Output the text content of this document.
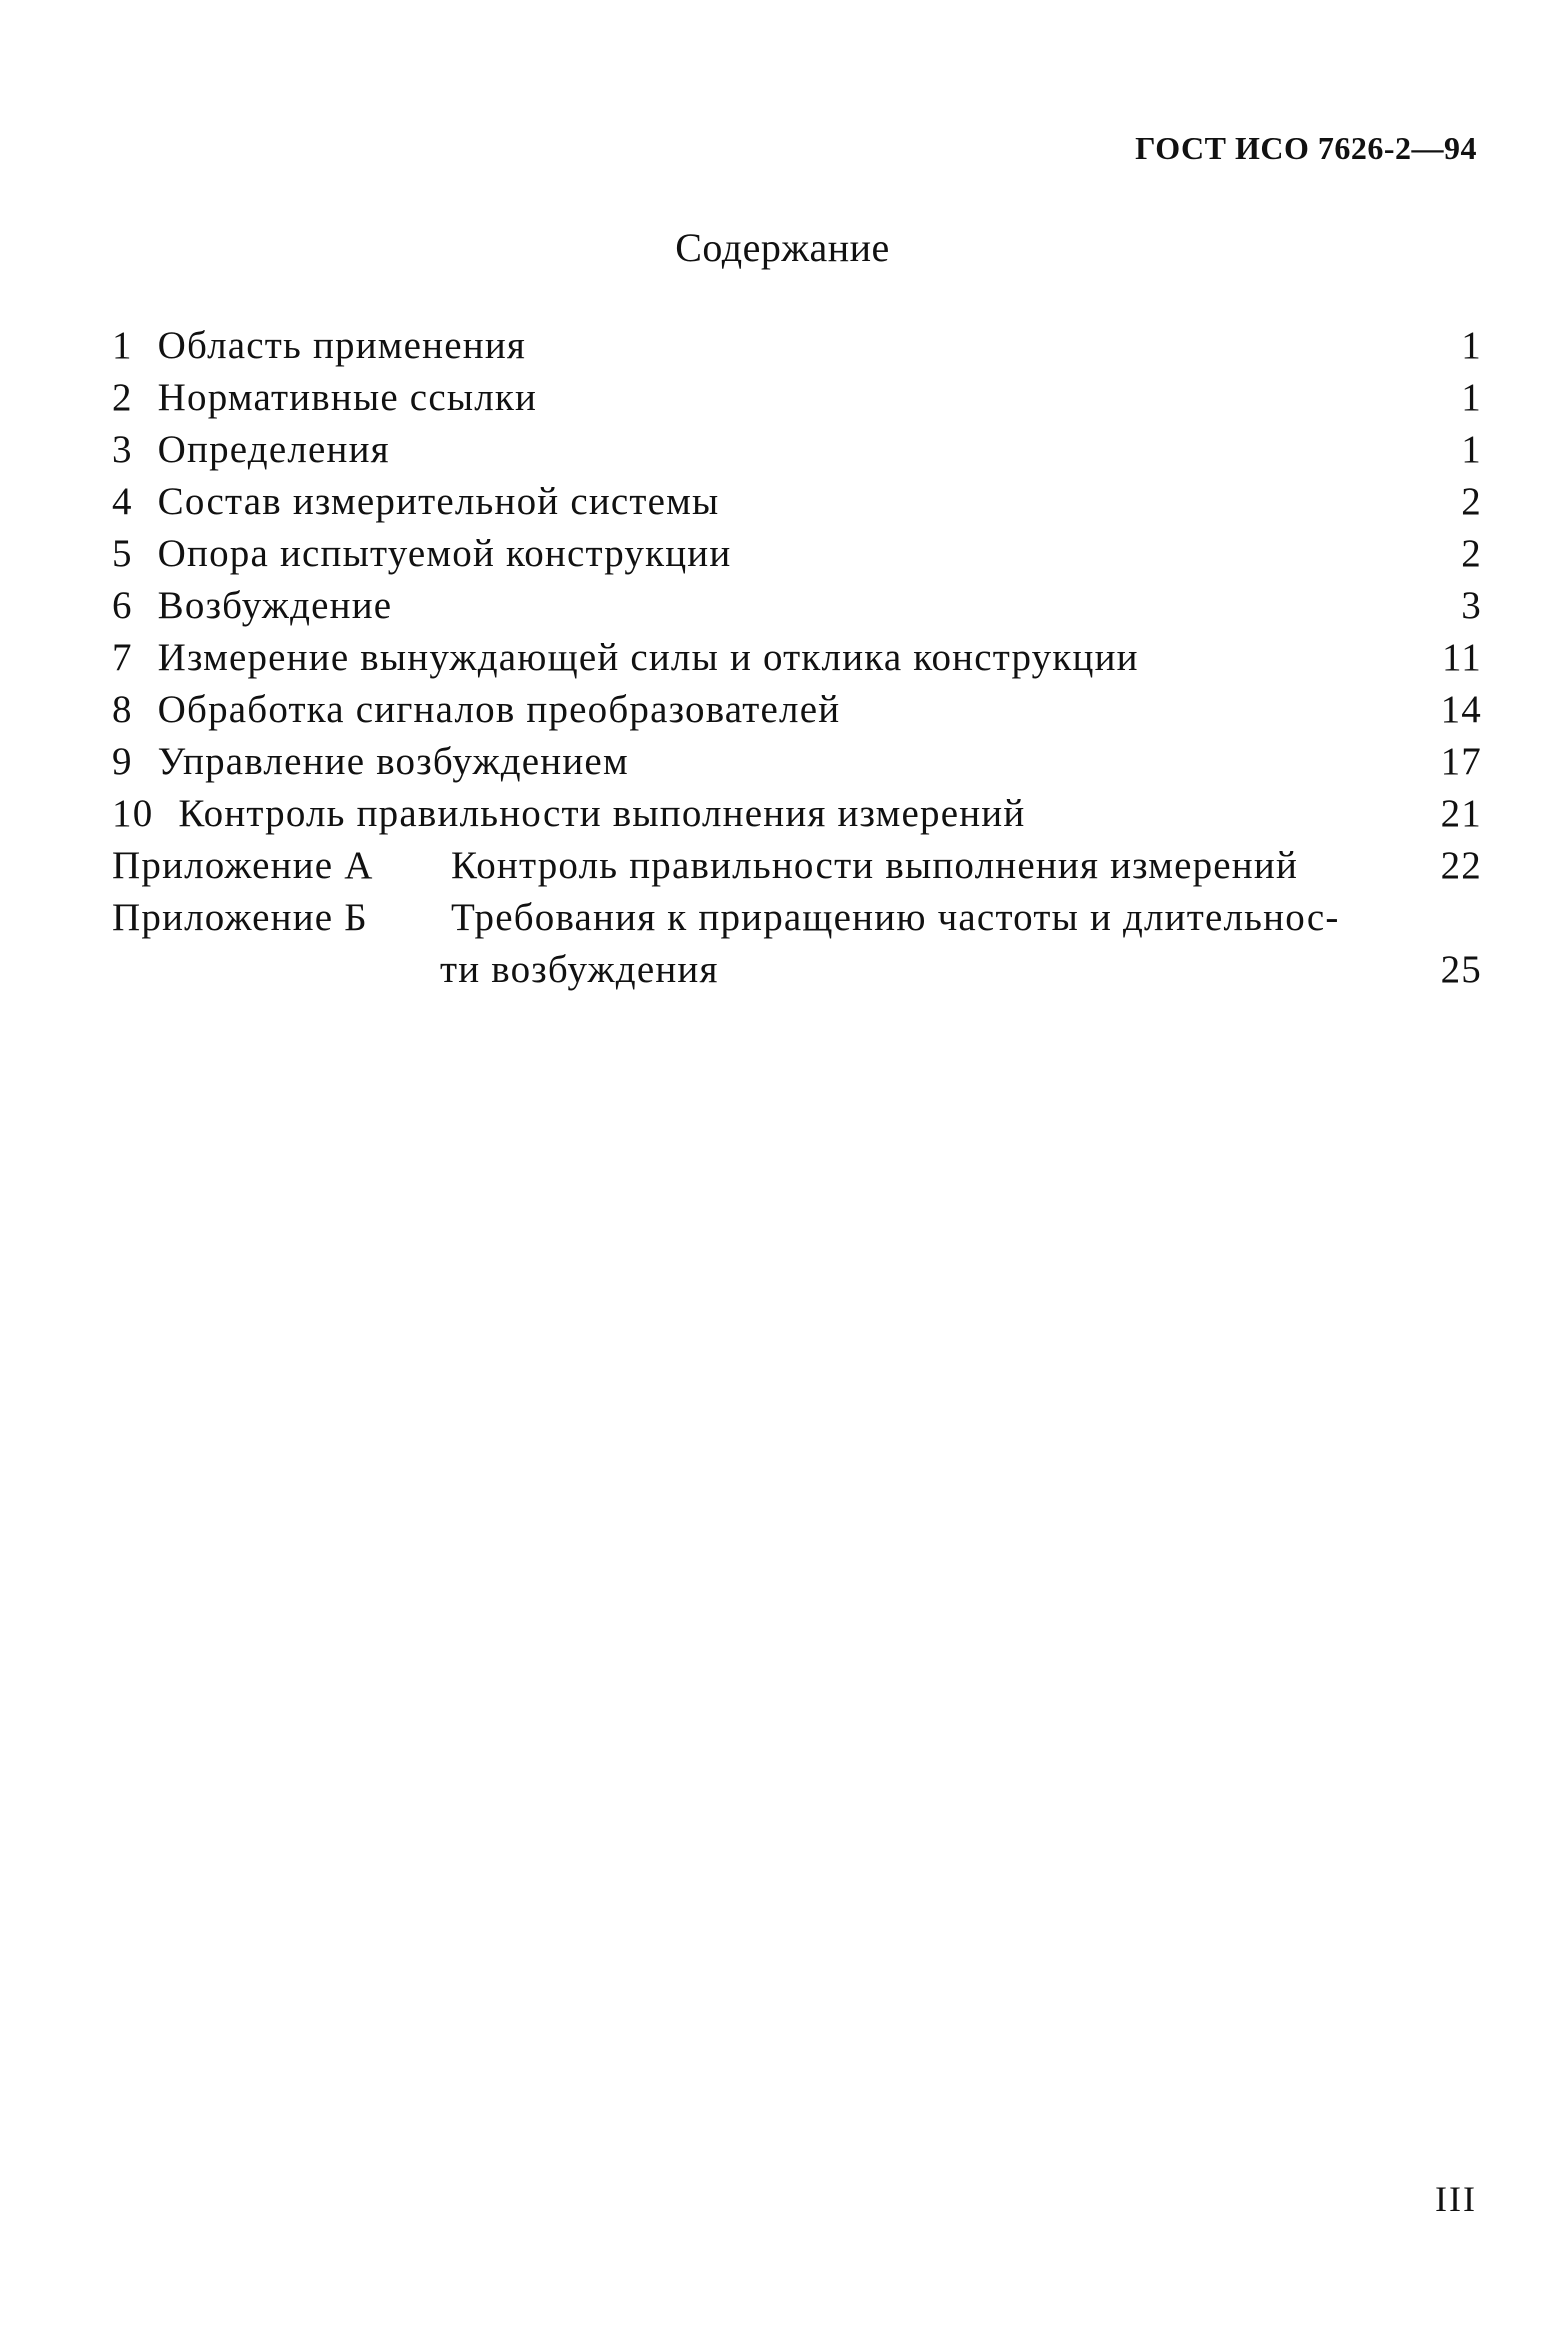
ГОСТ ИСО 7626-2—94
Содержание
1 Область применения	1
2 Нормативные ссылки	1
3 Определения	1
4 Состав измерительной системы	2
5 Опора испытуемой конструкции	2
6 Возбуждение	3
7 Измерение вынуждающей силы и отклика конструкции	11
8 Обработка сигналов преобразователей	14
9 Управление возбуждением	17
10 Контроль правильности выполнения измерений	21
Приложение А Контроль правильности выполнения измерений	22
Приложение Б Требования к приращению частоты и длительнос-
ти возбуждения	25
III
